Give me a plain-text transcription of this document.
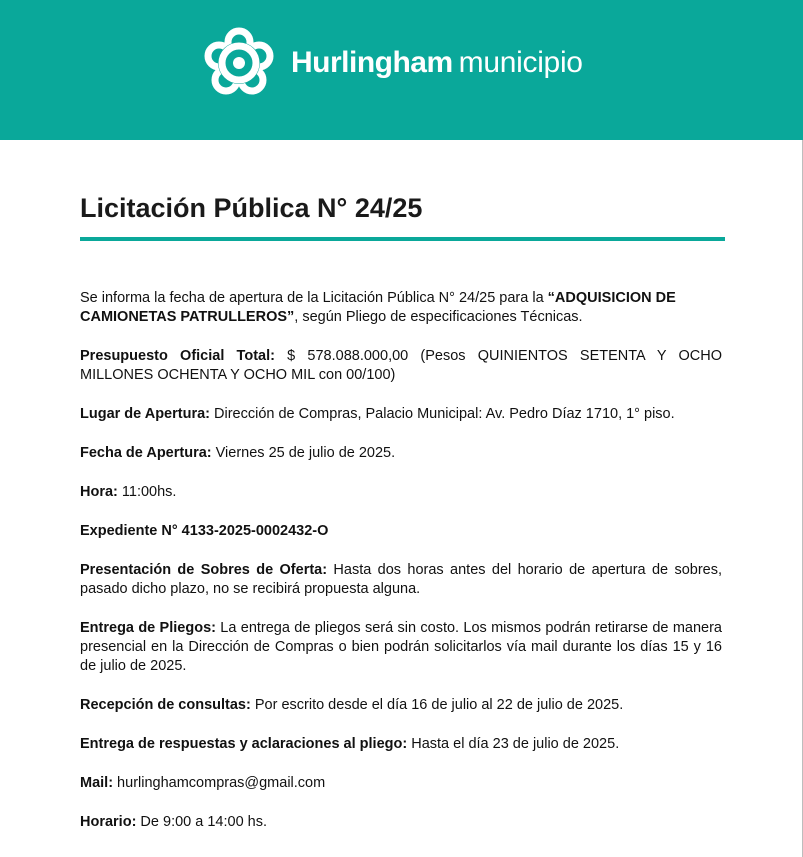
Hurlingham municipio
Licitación Pública N° 24/25

Se informa la fecha de apertura de la Licitación Pública N° 24/25 para la “ADQUISICION DE CAMIONETAS PATRULLEROS”, según Pliego de especificaciones Técnicas.

Presupuesto Oficial Total: $ 578.088.000,00 (Pesos QUINIENTOS SETENTA Y OCHO MILLONES OCHENTA Y OCHO MIL con 00/100)

Lugar de Apertura: Dirección de Compras, Palacio Municipal: Av. Pedro Díaz 1710, 1° piso.

Fecha de Apertura: Viernes 25 de julio de 2025.

Hora: 11:00hs.

Expediente N° 4133-2025-0002432-O

Presentación de Sobres de Oferta: Hasta dos horas antes del horario de apertura de sobres, pasado dicho plazo, no se recibirá propuesta alguna.

Entrega de Pliegos: La entrega de pliegos será sin costo. Los mismos podrán retirarse de manera presencial en la Dirección de Compras o bien podrán solicitarlos vía mail durante los días 15 y 16 de julio de 2025.

Recepción de consultas: Por escrito desde el día 16 de julio al 22 de julio de 2025.

Entrega de respuestas y aclaraciones al pliego: Hasta el día 23 de julio de 2025.

Mail: hurlinghamcompras@gmail.com

Horario: De 9:00 a 14:00 hs.
